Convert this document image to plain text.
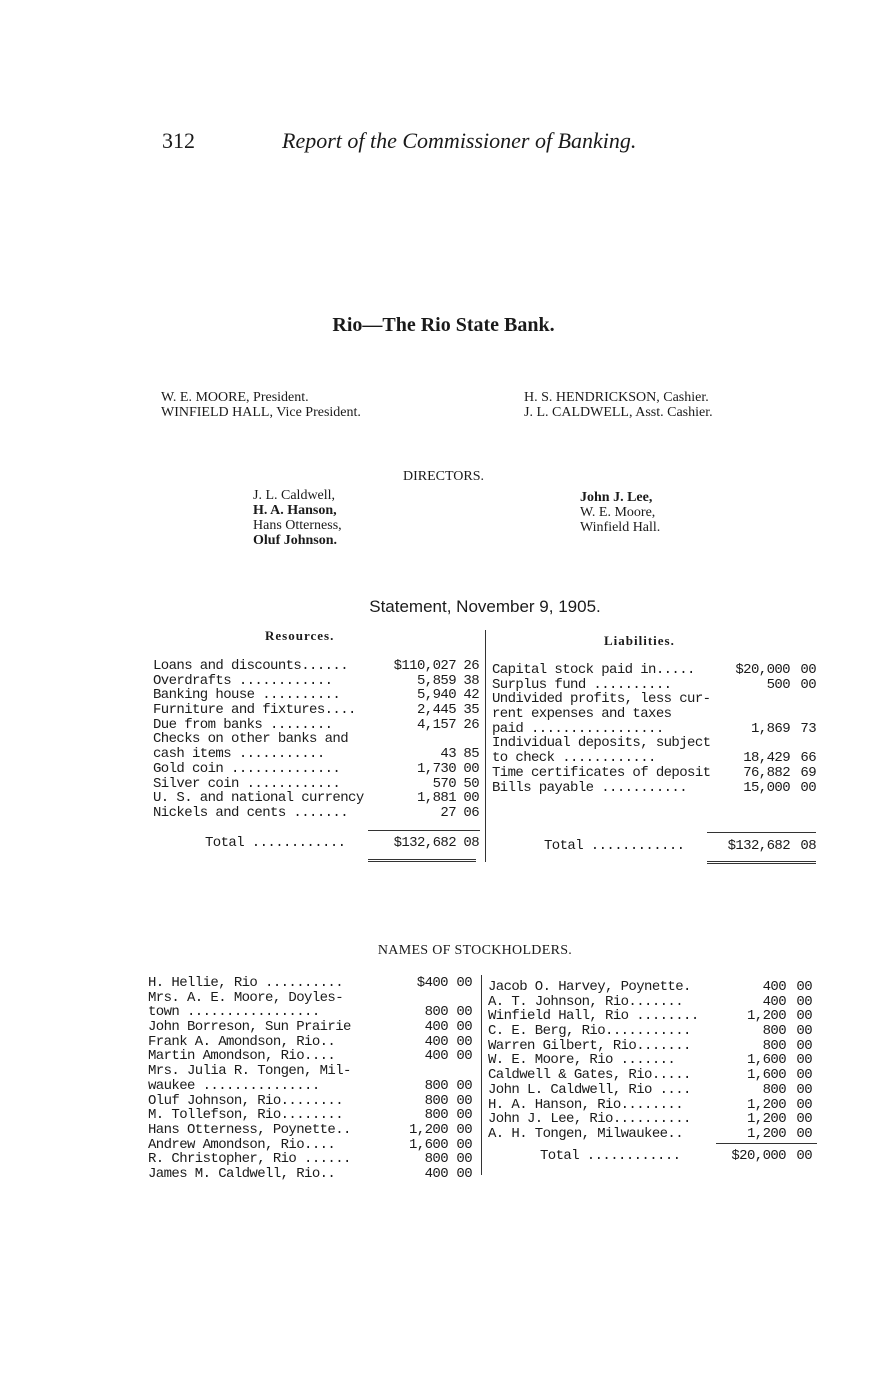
312	Report of the Commissioner of Banking.
Rio—The Rio State Bank.
W. E. MOORE, President.
WINFIELD HALL, Vice President.
H. S. HENDRICKSON, Cashier.
J. L. CALDWELL, Asst. Cashier.
DIRECTORS.
J. L. Caldwell,
H. A. Hanson,
Hans Otterness,
Oluf Johnson.
John J. Lee,
W. E. Moore,
Winfield Hall.
Statement, November 9, 1905.
Resources.	Liabilities.
Loans and discounts......	$110,027 26
Overdrafts ............	5,859 38
Banking house ..........	5,940 42
Furniture and fixtures....	2,445 35
Due from banks ........	4,157 26
Checks on other banks and
cash items ...........	43 85
Gold coin ..............	1,730 00
Silver coin ............	570 50
U. S. and national currency	1,881 00
Nickels and cents .......	27 06
Total ............	$132,682 08
Capital stock paid in.....	$20,000 00
Surplus fund ..........	500 00
Undivided profits, less cur-
rent expenses and taxes
paid .................	1,869 73
Individual deposits, subject
to check ............	18,429 66
Time certificates of deposit 76,882 69
Bills payable ...........	15,000 00
Total ............	$132,682 08
NAMES OF STOCKHOLDERS.
H. Hellie, Rio ..........	$400 00
Mrs. A. E. Moore, Doyles-
town .................	800 00
John Borreson, Sun Prairie	400 00
Frank A. Amondson, Rio..	400 00
Martin Amondson, Rio....	400 00
Mrs. Julia R. Tongen, Mil-
waukee ...............	800 00
Oluf Johnson, Rio........	800 00
M. Tollefson, Rio........	800 00
Hans Otterness, Poynette..	1,200 00
Andrew Amondson, Rio....	1,600 00
R. Christopher, Rio ......	800 00
James M. Caldwell, Rio..	400 00
Jacob O. Harvey, Poynette.	400 00
A. T. Johnson, Rio.......	400 00
Winfield Hall, Rio ........	1,200 00
C. E. Berg, Rio...........	800 00
Warren Gilbert, Rio.......	800 00
W. E. Moore, Rio .......	1,600 00
Caldwell & Gates, Rio.....	1,600 00
John L. Caldwell, Rio ....	800 00
H. A. Hanson, Rio........	1,200 00
John J. Lee, Rio..........	1,200 00
A. H. Tongen, Milwaukee..	1,200 00
Total ............	$20,000 00
